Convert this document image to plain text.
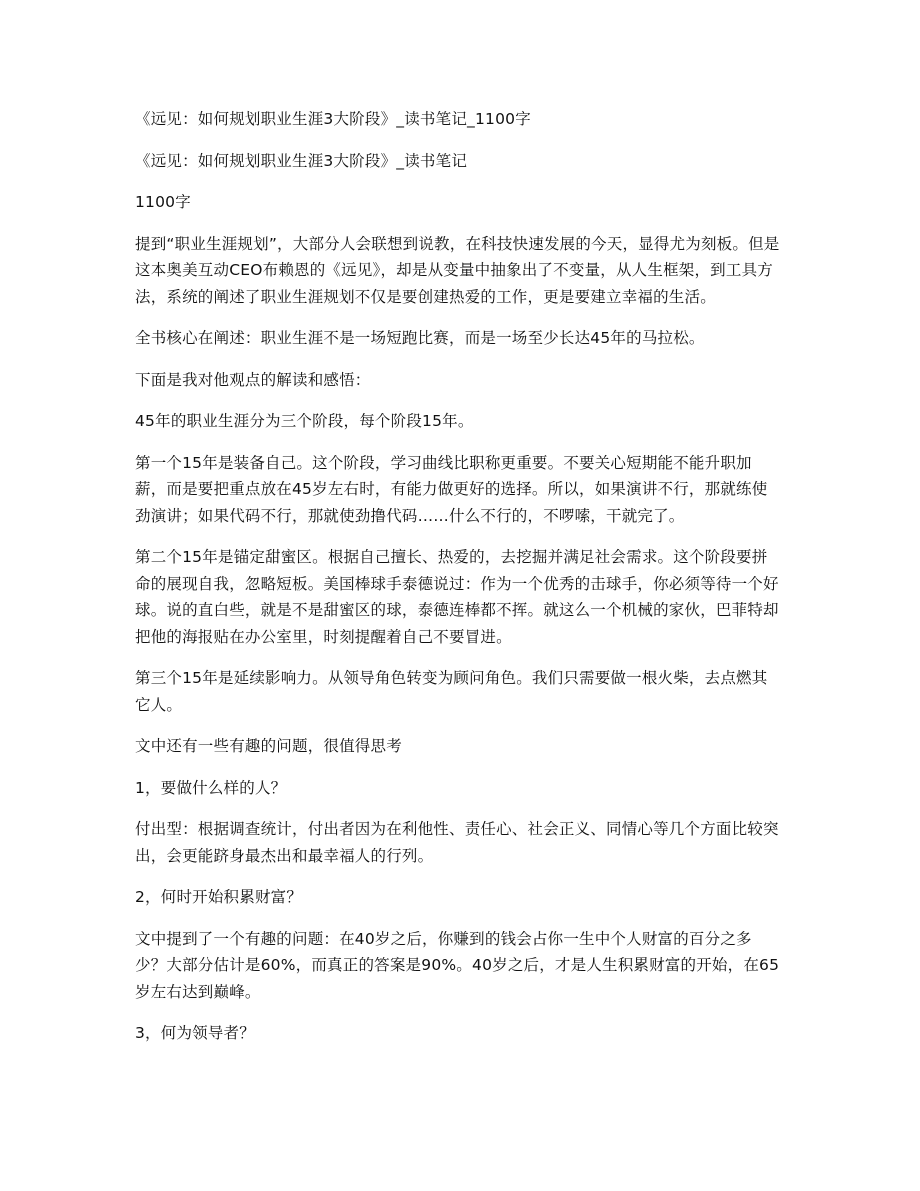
《远见：如何规划职业生涯3大阶段》_读书笔记_1100字

《远见：如何规划职业生涯3大阶段》_读书笔记

1100字

提到“职业生涯规划”，大部分人会联想到说教，在科技快速发展的今天，显得尤为刻板。但是这本奥美互动CEO布赖恩的《远见》，却是从变量中抽象出了不变量，从人生框架，到工具方法，系统的阐述了职业生涯规划不仅是要创建热爱的工作，更是要建立幸福的生活。

全书核心在阐述：职业生涯不是一场短跑比赛，而是一场至少长达45年的马拉松。

下面是我对他观点的解读和感悟：

45年的职业生涯分为三个阶段，每个阶段15年。

第一个15年是装备自己。这个阶段，学习曲线比职称更重要。不要关心短期能不能升职加薪，而是要把重点放在45岁左右时，有能力做更好的选择。所以，如果演讲不行，那就练使劲演讲；如果代码不行，那就使劲撸代码……什么不行的，不啰嗦，干就完了。

第二个15年是锚定甜蜜区。根据自己擅长、热爱的，去挖掘并满足社会需求。这个阶段要拼命的展现自我，忽略短板。美国棒球手泰德说过：作为一个优秀的击球手，你必须等待一个好球。说的直白些，就是不是甜蜜区的球，泰德连棒都不挥。就这么一个机械的家伙，巴菲特却把他的海报贴在办公室里，时刻提醒着自己不要冒进。

第三个15年是延续影响力。从领导角色转变为顾问角色。我们只需要做一根火柴，去点燃其它人。

文中还有一些有趣的问题，很值得思考

1，要做什么样的人？

付出型：根据调查统计，付出者因为在利他性、责任心、社会正义、同情心等几个方面比较突出，会更能跻身最杰出和最幸福人的行列。

2，何时开始积累财富？

文中提到了一个有趣的问题：在40岁之后，你赚到的钱会占你一生中个人财富的百分之多少？大部分估计是60%，而真正的答案是90%。40岁之后，才是人生积累财富的开始，在65岁左右达到巅峰。

3，何为领导者？
